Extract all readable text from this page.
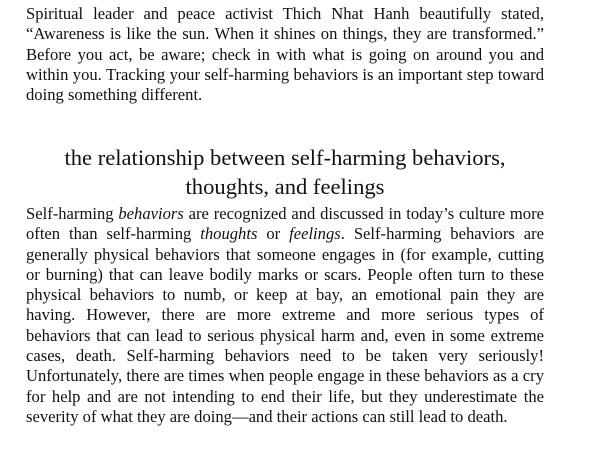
Spiritual leader and peace activist Thich Nhat Hanh beautifully stated, “Awareness is like the sun. When it shines on things, they are transformed.” Before you act, be aware; check in with what is going on around you and within you. Tracking your self-harming behaviors is an important step toward doing something different.

the relationship between self-harming behaviors,
thoughts, and feelings

Self-harming behaviors are recognized and discussed in today’s culture more often than self-harming thoughts or feelings. Self-harming behaviors are generally physical behaviors that someone engages in (for example, cutting or burning) that can leave bodily marks or scars. People often turn to these physical behaviors to numb, or keep at bay, an emotional pain they are having. However, there are more extreme and more serious types of behaviors that can lead to serious physical harm and, even in some extreme cases, death. Self-harming behaviors need to be taken very seriously! Unfortunately, there are times when people engage in these behaviors as a cry for help and are not intending to end their life, but they underestimate the severity of what they are doing—and their actions can still lead to death.
